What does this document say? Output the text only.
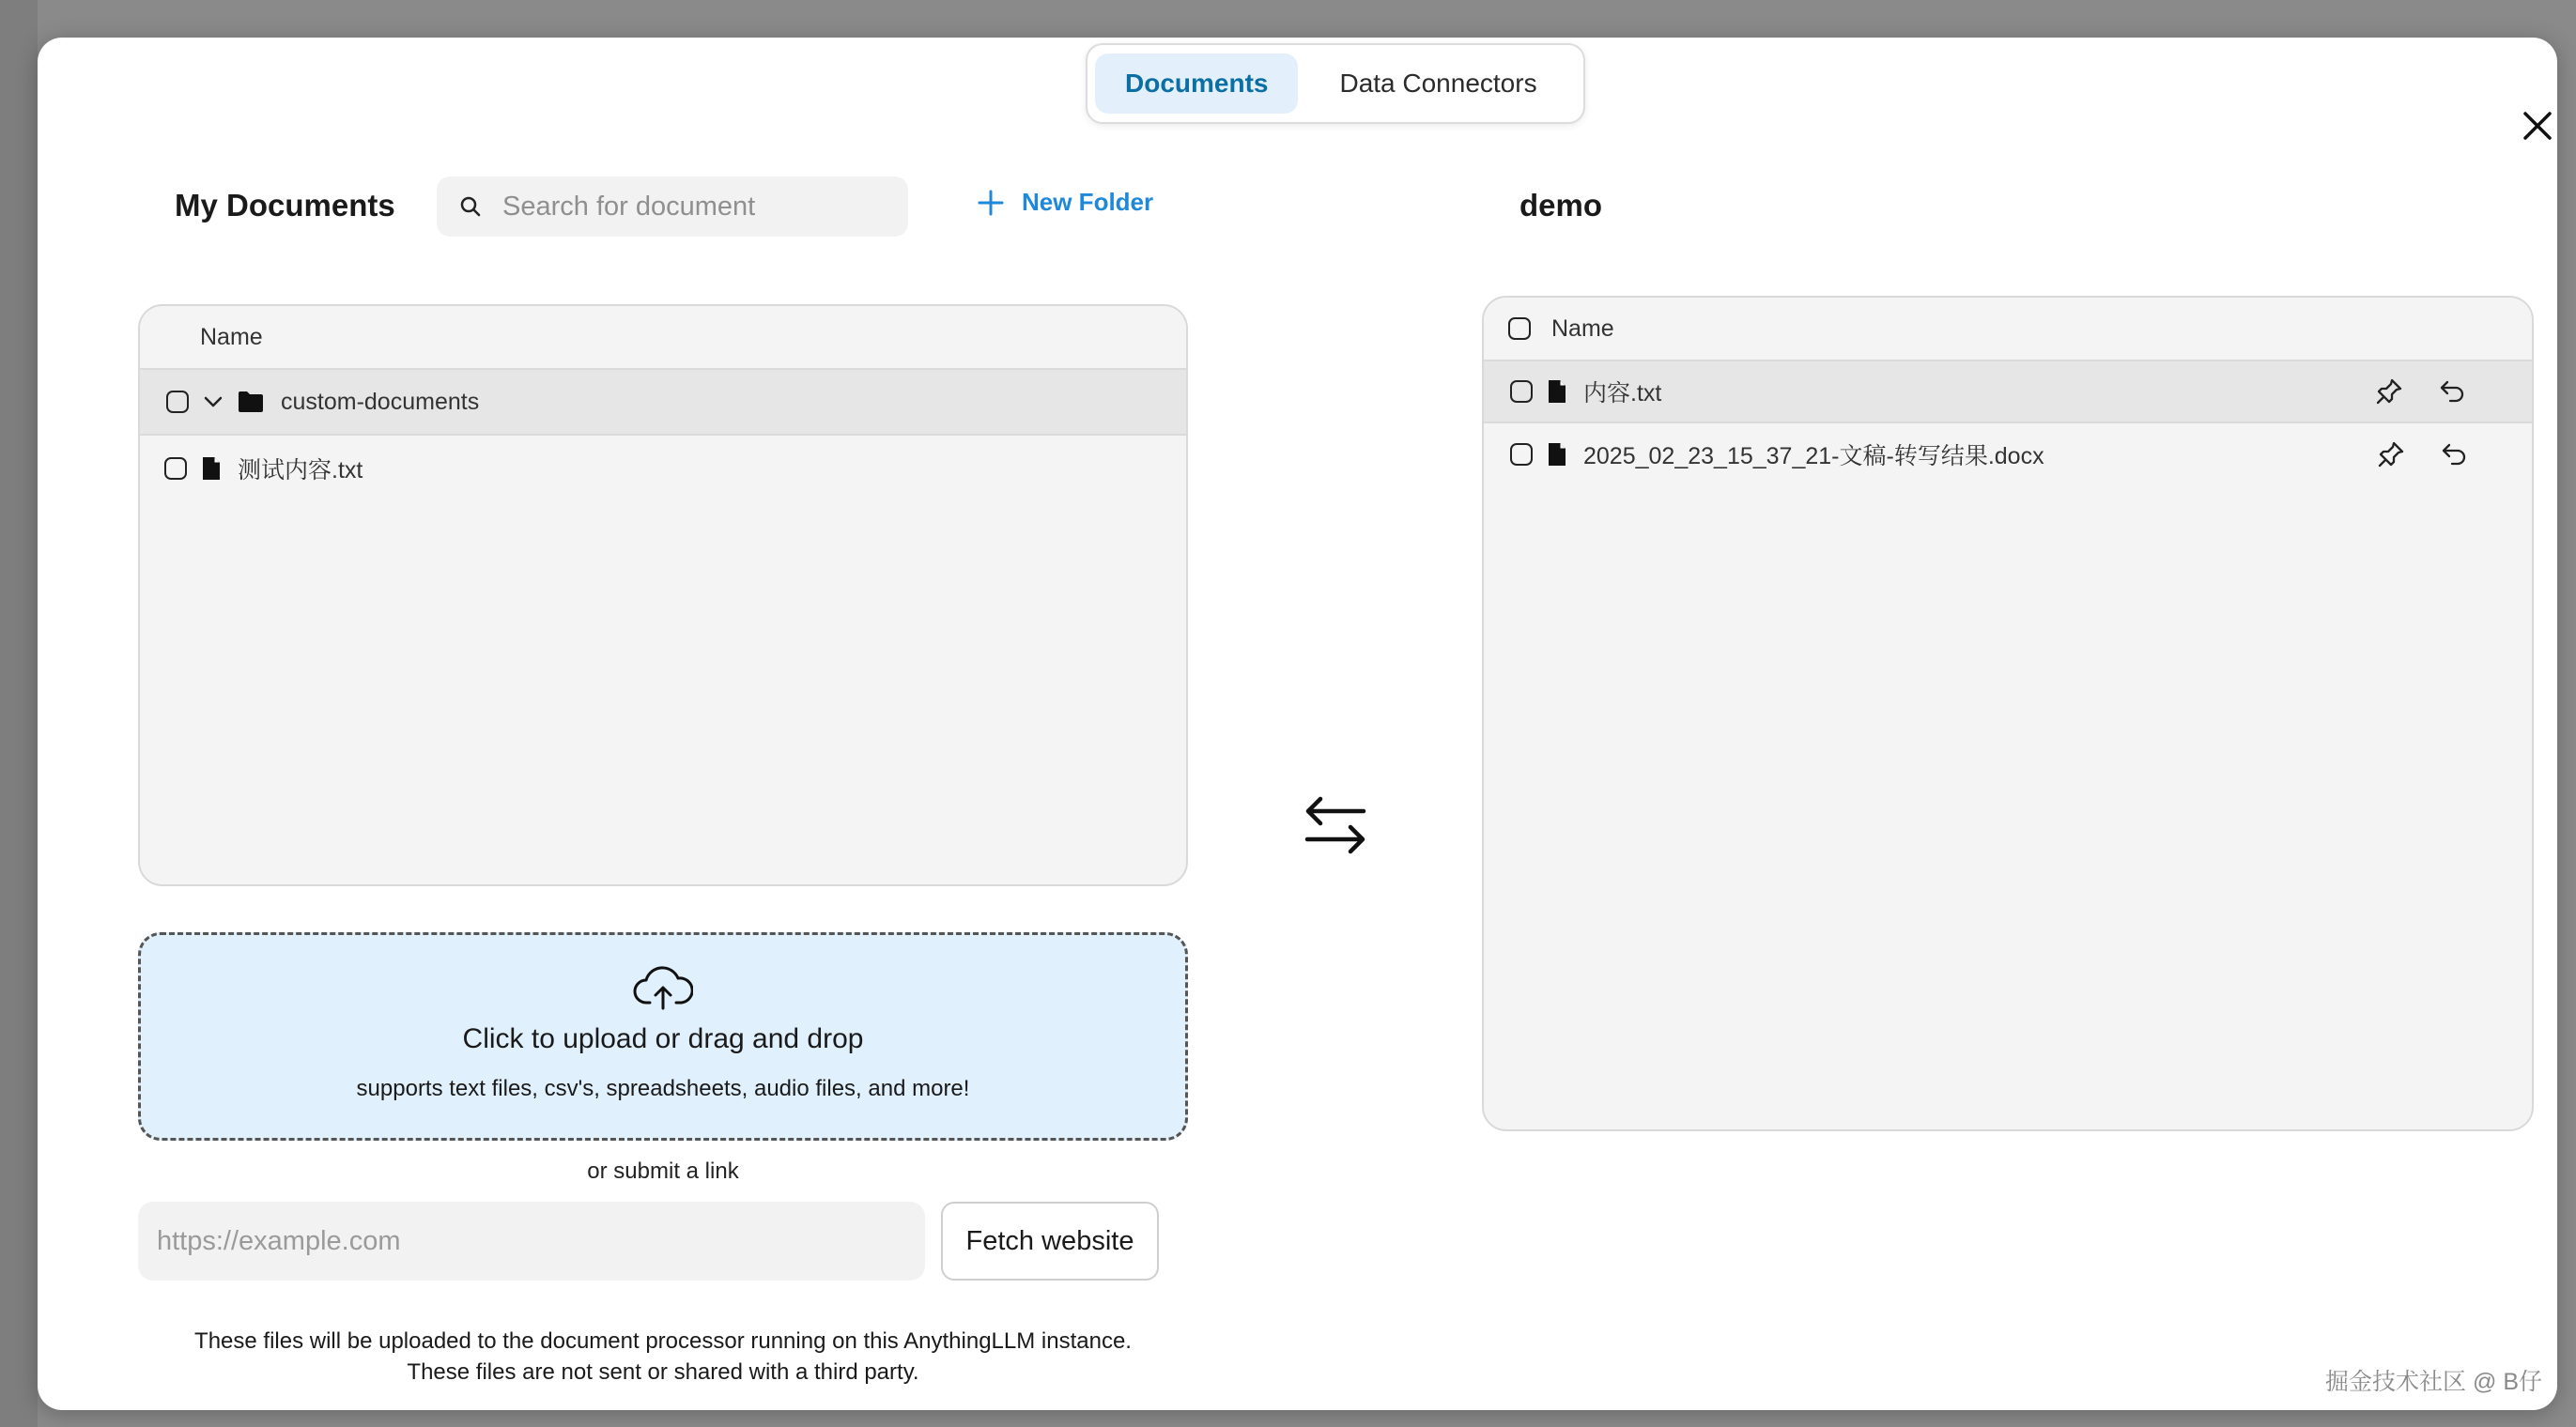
Documents	Data Connectors
My Documents
Search for document	New Folder
Name
custom-documents
测试内容.txt
Click to upload or drag and drop
supports text files, csv's, spreadsheets, audio files, and more!
or submit a link
https://example.com
Fetch website
These files will be uploaded to the document processor running on this AnythingLLM instance.
These files are not sent or shared with a third party.
demo
Name
内容.txt
2025_02_23_15_37_21-文稿-转写结果.docx
掘金技术社区 @ B仔
